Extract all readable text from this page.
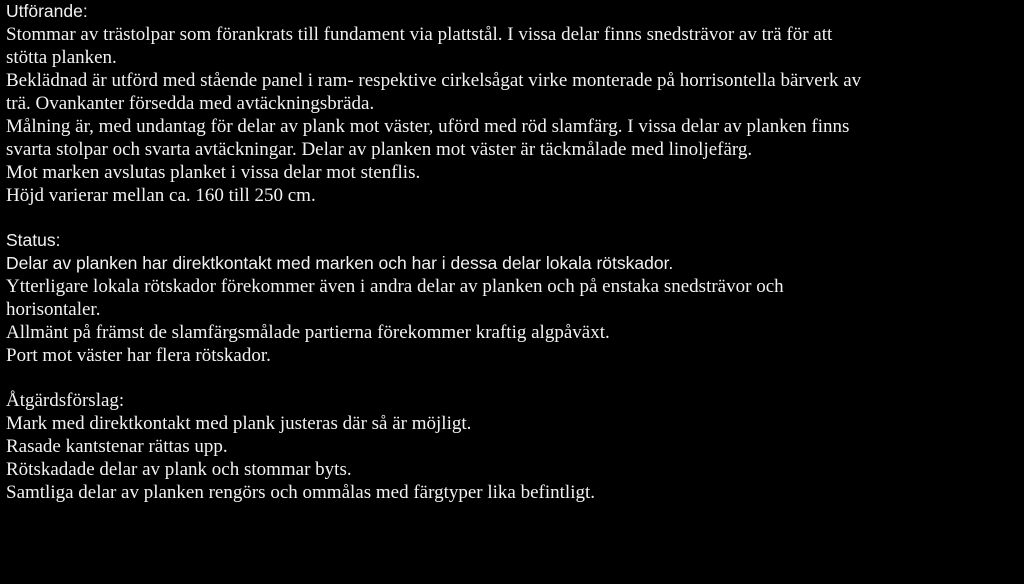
Utförande:
Stommar av trästolpar som förankrats till fundament via plattstål. I vissa delar finns snedsträvor av trä för att
stötta planken.
Beklädnad är utförd med stående panel i ram- respektive cirkelsågat virke monterade på horrisontella bärverk av
trä. Ovankanter försedda med avtäckningsbräda.
Målning är, med undantag för delar av plank mot väster, uförd med röd slamfärg. I vissa delar av planken finns
svarta stolpar och svarta avtäckningar. Delar av planken mot väster är täckmålade med linoljefärg.
Mot marken avslutas planket i vissa delar mot stenflis.
Höjd varierar mellan ca. 160 till 250 cm.
Status:
Delar av planken har direktkontakt med marken och har i dessa delar lokala rötskador.
Ytterligare lokala rötskador förekommer även i andra delar av planken och på enstaka snedsträvor och
horisontaler.
Allmänt på främst de slamfärgsmålade partierna förekommer kraftig algpåväxt.
Port mot väster har flera rötskador.
Åtgärdsförslag:
Mark med direktkontakt med plank justeras där så är möjligt.
Rasade kantstenar rättas upp.
Rötskadade delar av plank och stommar byts.
Samtliga delar av planken rengörs och ommålas med färgtyper lika befintligt.
